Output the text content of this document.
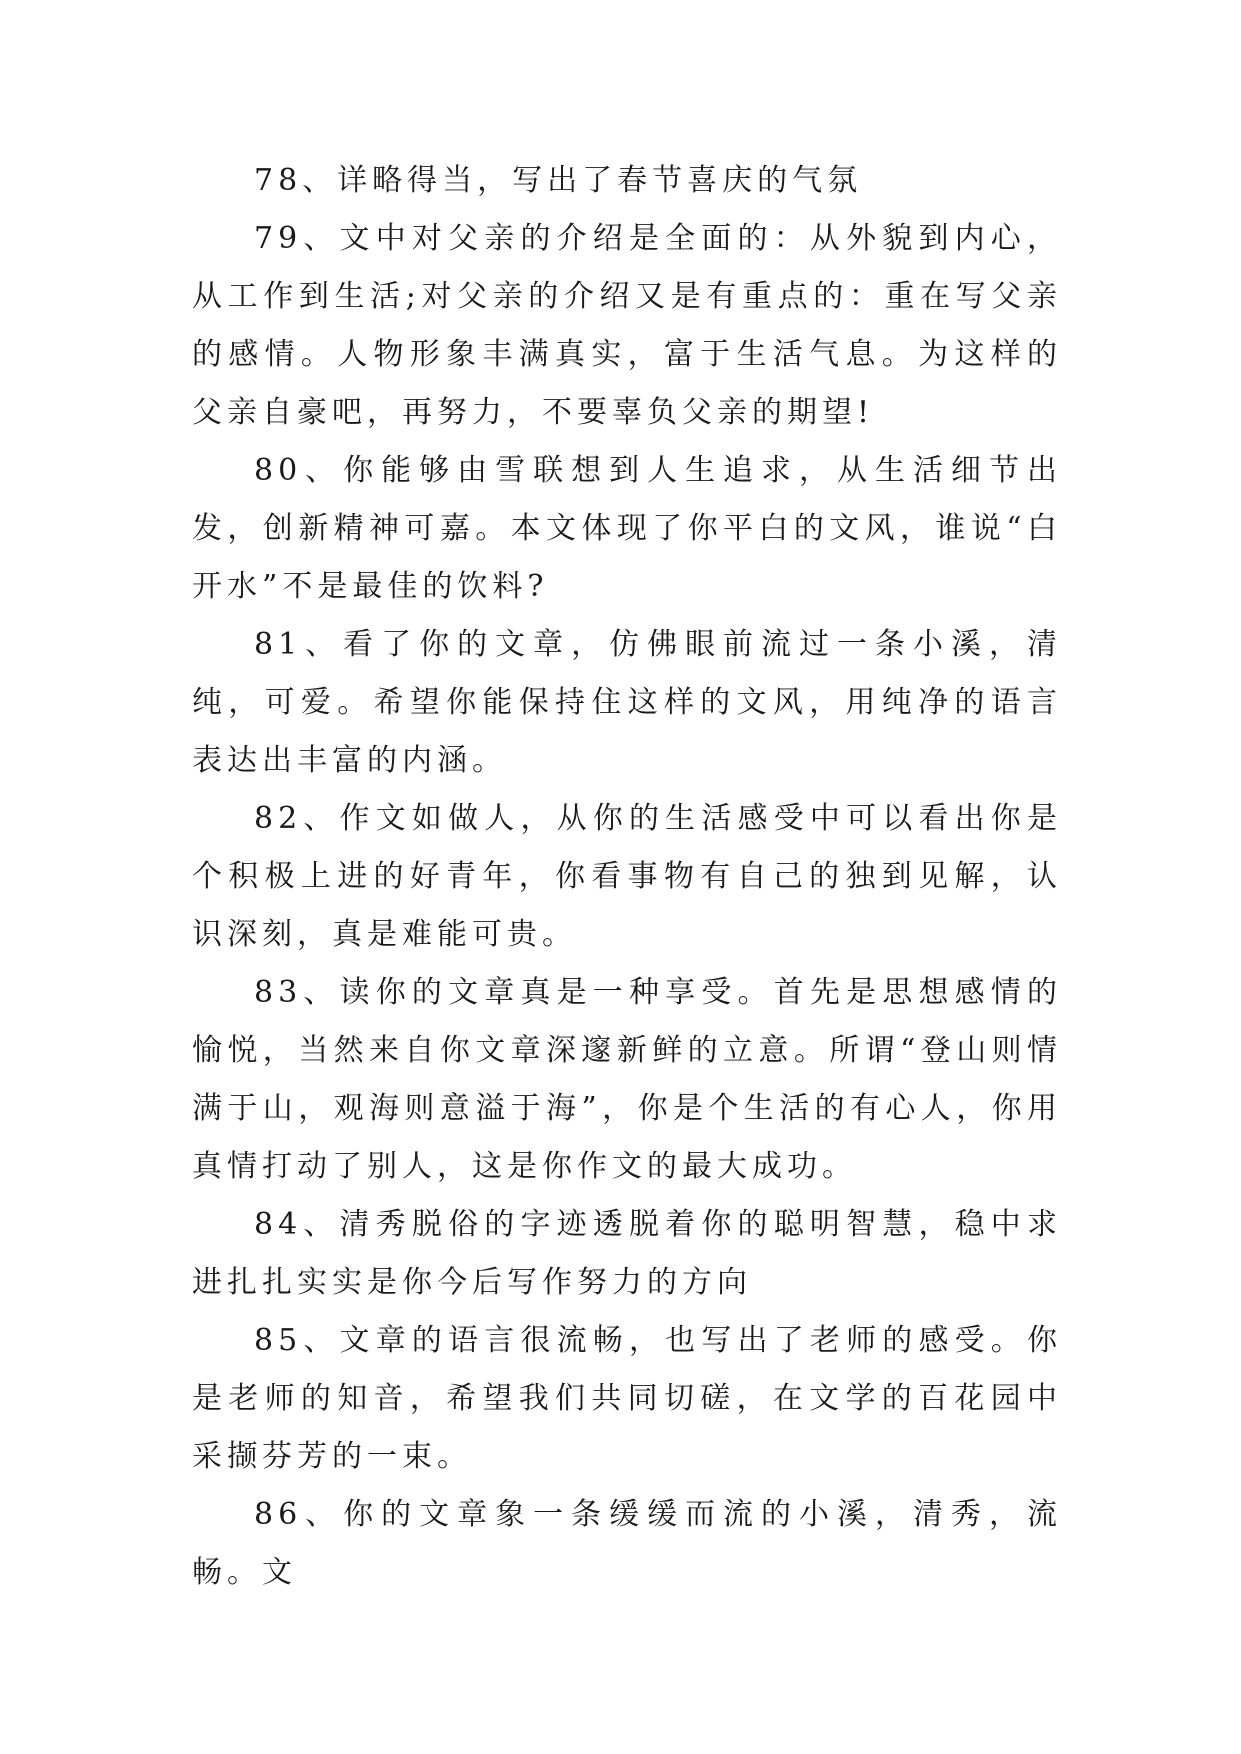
78、详略得当，写出了春节喜庆的气氛

79、文中对父亲的介绍是全面的：从外貌到内心，从工作到生活;对父亲的介绍又是有重点的：重在写父亲的感情。人物形象丰满真实，富于生活气息。为这样的父亲自豪吧，再努力，不要辜负父亲的期望!

80、你能够由雪联想到人生追求，从生活细节出发，创新精神可嘉。本文体现了你平白的文风，谁说“白开水”不是最佳的饮料?

81、看了你的文章，仿佛眼前流过一条小溪，清纯，可爱。希望你能保持住这样的文风，用纯净的语言表达出丰富的内涵。

82、作文如做人，从你的生活感受中可以看出你是个积极上进的好青年，你看事物有自己的独到见解，认识深刻，真是难能可贵。

83、读你的文章真是一种享受。首先是思想感情的愉悦，当然来自你文章深邃新鲜的立意。所谓“登山则情满于山，观海则意溢于海”，你是个生活的有心人，你用真情打动了别人，这是你作文的最大成功。

84、清秀脱俗的字迹透脱着你的聪明智慧，稳中求进扎扎实实是你今后写作努力的方向

85、文章的语言很流畅，也写出了老师的感受。你是老师的知音，希望我们共同切磋，在文学的百花园中采撷芬芳的一束。

86、你的文章象一条缓缓而流的小溪，清秀，流畅。文
